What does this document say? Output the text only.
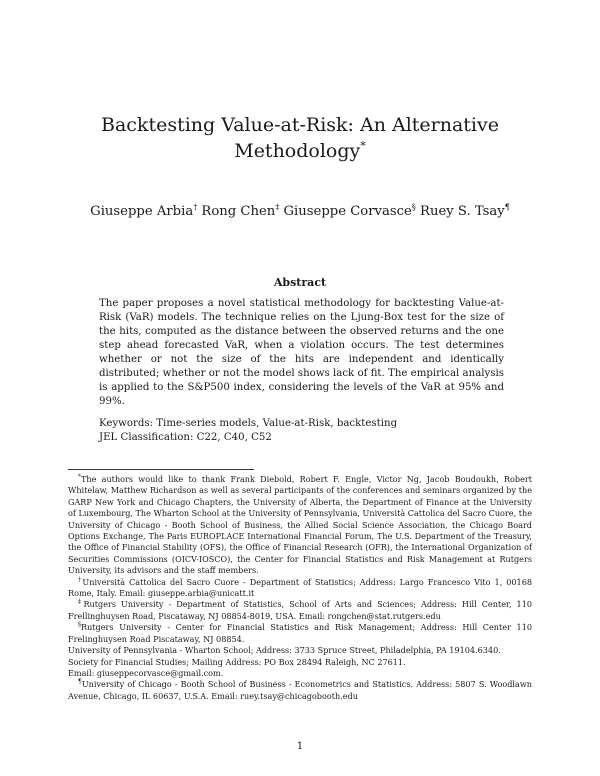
Backtesting Value-at-Risk: An Alternative
Methodology*
Giuseppe Arbia† Rong Chen‡ Giuseppe Corvasce§ Ruey S. Tsay¶
Abstract

The paper proposes a novel statistical methodology for backtesting Value-at-Risk (VaR) models. The technique relies on the Ljung-Box test for the size of the hits, computed as the distance between the observed returns and the one step ahead forecasted VaR, when a violation occurs. The test determines whether or not the size of the hits are independent and identically distributed; whether or not the model shows lack of fit. The empirical analysis is applied to the S&P500 index, considering the levels of the VaR at 95% and 99%.

Keywords: Time-series models, Value-at-Risk, backtesting
JEL Classification: C22, C40, C52

*The authors would like to thank Frank Diebold, Robert F. Engle, Victor Ng, Jacob Boudoukh, Robert Whitelaw, Matthew Richardson as well as several participants of the conferences and seminars organized by the GARP New York and Chicago Chapters, the University of Alberta, the Department of Finance at the University of Luxembourg, The Wharton School at the University of Pennsylvania, Università Cattolica del Sacro Cuore, the University of Chicago - Booth School of Business, the Allied Social Science Association, the Chicago Board Options Exchange, The Paris EUROPLACE International Financial Forum, The U.S. Department of the Treasury, the Office of Financial Stability (OFS), the Office of Financial Research (OFR), the International Organization of Securities Commissions (OICV-IOSCO), the Center for Financial Statistics and Risk Management at Rutgers University, its advisors and the staff members.

†Università Cattolica del Sacro Cuore - Department of Statistics; Address: Largo Francesco Vito 1, 00168 Rome, Italy. Email: giuseppe.arbia@unicatt.it

‡Rutgers University - Department of Statistics, School of Arts and Sciences; Address: Hill Center, 110 Frellinghuysen Road, Piscataway, NJ 08854-8019, USA. Email: rongchen@stat.rutgers.edu

§Rutgers University - Center for Financial Statistics and Risk Management; Address: Hill Center 110 Frelinghuysen Road Piscataway, NJ 08854.

University of Pennsylvania - Wharton School; Address: 3733 Spruce Street, Philadelphia, PA 19104.6340.

Society for Financial Studies; Mailing Address: PO Box 28494 Raleigh, NC 27611.

Email: giuseppecorvasce@gmail.com.

¶University of Chicago - Booth School of Business - Econometrics and Statistics. Address: 5807 S. Woodlawn Avenue, Chicago, IL 60637, U.S.A. Email: ruey.tsay@chicagobooth.edu

1
